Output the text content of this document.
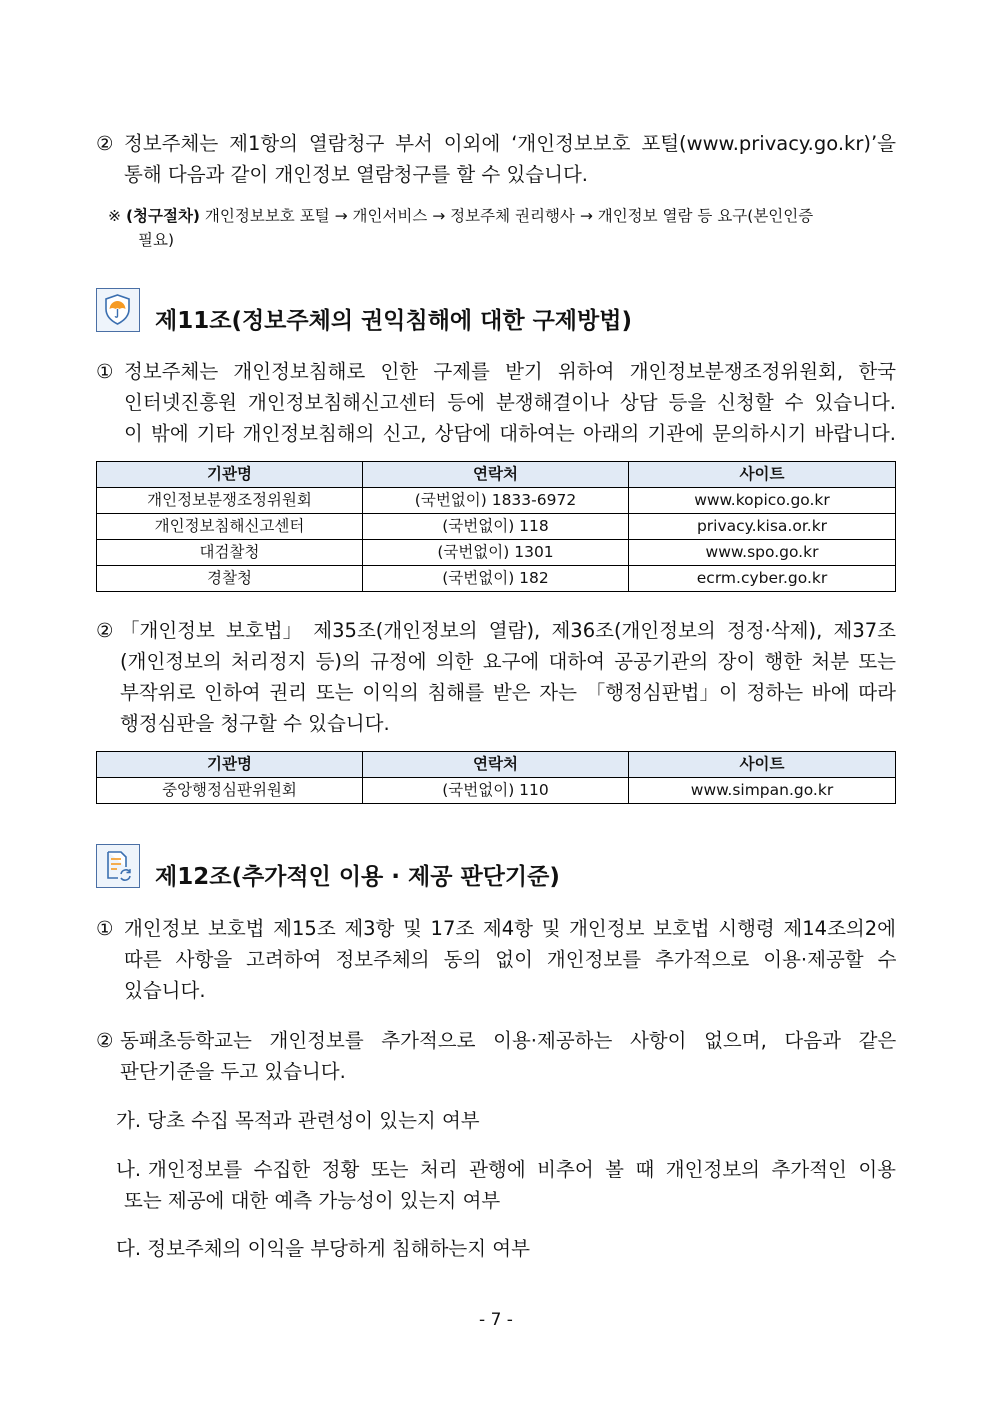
② 정보주체는 제1항의 열람청구 부서 이외에 ‘개인정보보호 포털(www.privacy.go.kr)’을
통해 다음과 같이 개인정보 열람청구를 할 수 있습니다.
※ (청구절차) 개인정보보호 포털 → 개인서비스 → 정보주체 권리행사 → 개인정보 열람 등 요구(본인인증
필요)
제11조(정보주체의 권익침해에 대한 구제방법)
① 정보주체는 개인정보침해로 인한 구제를 받기 위하여 개인정보분쟁조정위원회, 한국
인터넷진흥원 개인정보침해신고센터 등에 분쟁해결이나 상담 등을 신청할 수 있습니다.
이 밖에 기타 개인정보침해의 신고, 상담에 대하여는 아래의 기관에 문의하시기 바랍니다.
기관명	연락처	사이트
개인정보분쟁조정위원회	(국번없이) 1833-6972	www.kopico.go.kr
개인정보침해신고센터	(국번없이) 118	privacy.kisa.or.kr
대검찰청	(국번없이) 1301	www.spo.go.kr
경찰청	(국번없이) 182	ecrm.cyber.go.kr
② 「개인정보 보호법」 제35조(개인정보의 열람), 제36조(개인정보의 정정·삭제), 제37조
(개인정보의 처리정지 등)의 규정에 의한 요구에 대하여 공공기관의 장이 행한 처분 또는
부작위로 인하여 권리 또는 이익의 침해를 받은 자는 「행정심판법」이 정하는 바에 따라
행정심판을 청구할 수 있습니다.
기관명	연락처	사이트
중앙행정심판위원회	(국번없이) 110	www.simpan.go.kr
제12조(추가적인 이용 · 제공 판단기준)
① 개인정보 보호법 제15조 제3항 및 17조 제4항 및 개인정보 보호법 시행령 제14조의2에
따른 사항을 고려하여 정보주체의 동의 없이 개인정보를 추가적으로 이용·제공할 수
있습니다.
② 동패초등학교는 개인정보를 추가적으로 이용·제공하는 사항이 없으며, 다음과 같은
판단기준을 두고 있습니다.
가. 당초 수집 목적과 관련성이 있는지 여부
나. 개인정보를 수집한 정황 또는 처리 관행에 비추어 볼 때 개인정보의 추가적인 이용
또는 제공에 대한 예측 가능성이 있는지 여부
다. 정보주체의 이익을 부당하게 침해하는지 여부
- 7 -
